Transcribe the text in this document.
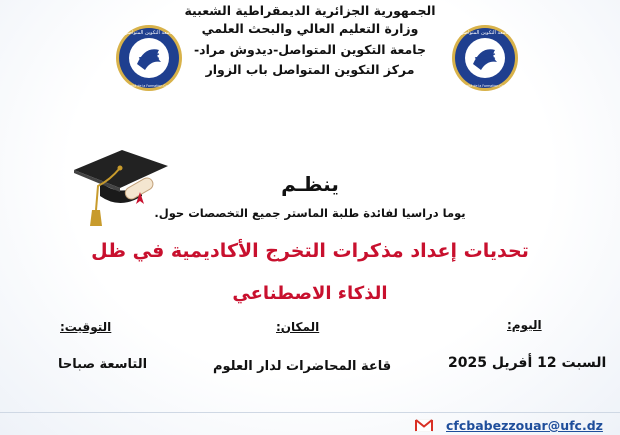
الجمهورية الجزائرية الديمقراطية الشعبية
وزارة التعليم العالي والبحث العلمي
جامعة التكوين المتواصل-ديدوش مراد-
مركز التكوين المتواصل باب الزوار
جامعة التكوين المتواصل
Université de la Formation Continue
جامعة التكوين المتواصل
Université de la Formation Continue
ينظـم
يوما دراسيا لفائدة طلبة الماستر جميع التخصصات حول.
تحديات إعداد مذكرات التخرج الأكاديمية في ظل
الذكاء الاصطناعي
اليوم:
المكان:
التوقيت:
السبت 12 أفريل 2025
قاعة المحاضرات لدار العلوم
التاسعة صباحا
cfcbabezzouar@ufc.dz
